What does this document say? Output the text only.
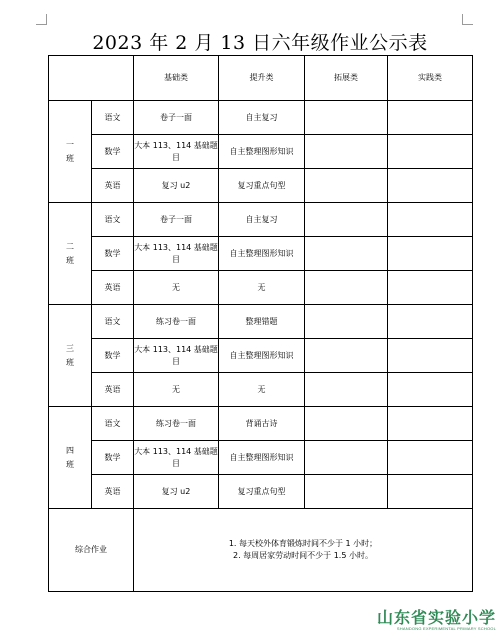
2023 年 2 月 13 日六年级作业公示表
		基础类	提升类	拓展类	实践类
一
班	语文	卷子一面	自主复习		
	数学	大本 113、114 基础题目	自主整理图形知识		
	英语	复习 u2	复习重点句型		
二
班	语文	卷子一面	自主复习		
	数学	大本 113、114 基础题目	自主整理图形知识		
	英语	无	无		
三
班	语文	练习卷一面	整理错题		
	数学	大本 113、114 基础题目	自主整理图形知识		
	英语	无	无		
四
班	语文	练习卷一面	背诵古诗		
	数学	大本 113、114 基础题目	自主整理图形知识		
	英语	复习 u2	复习重点句型		
综合作业		1. 每天校外体育锻炼时间不少于 1 小时；
2. 每周居家劳动时间不少于 1.5 小时。			
山东省实验小学
SHANDONG EXPERIMENTAL PRIMARY SCHOOL
